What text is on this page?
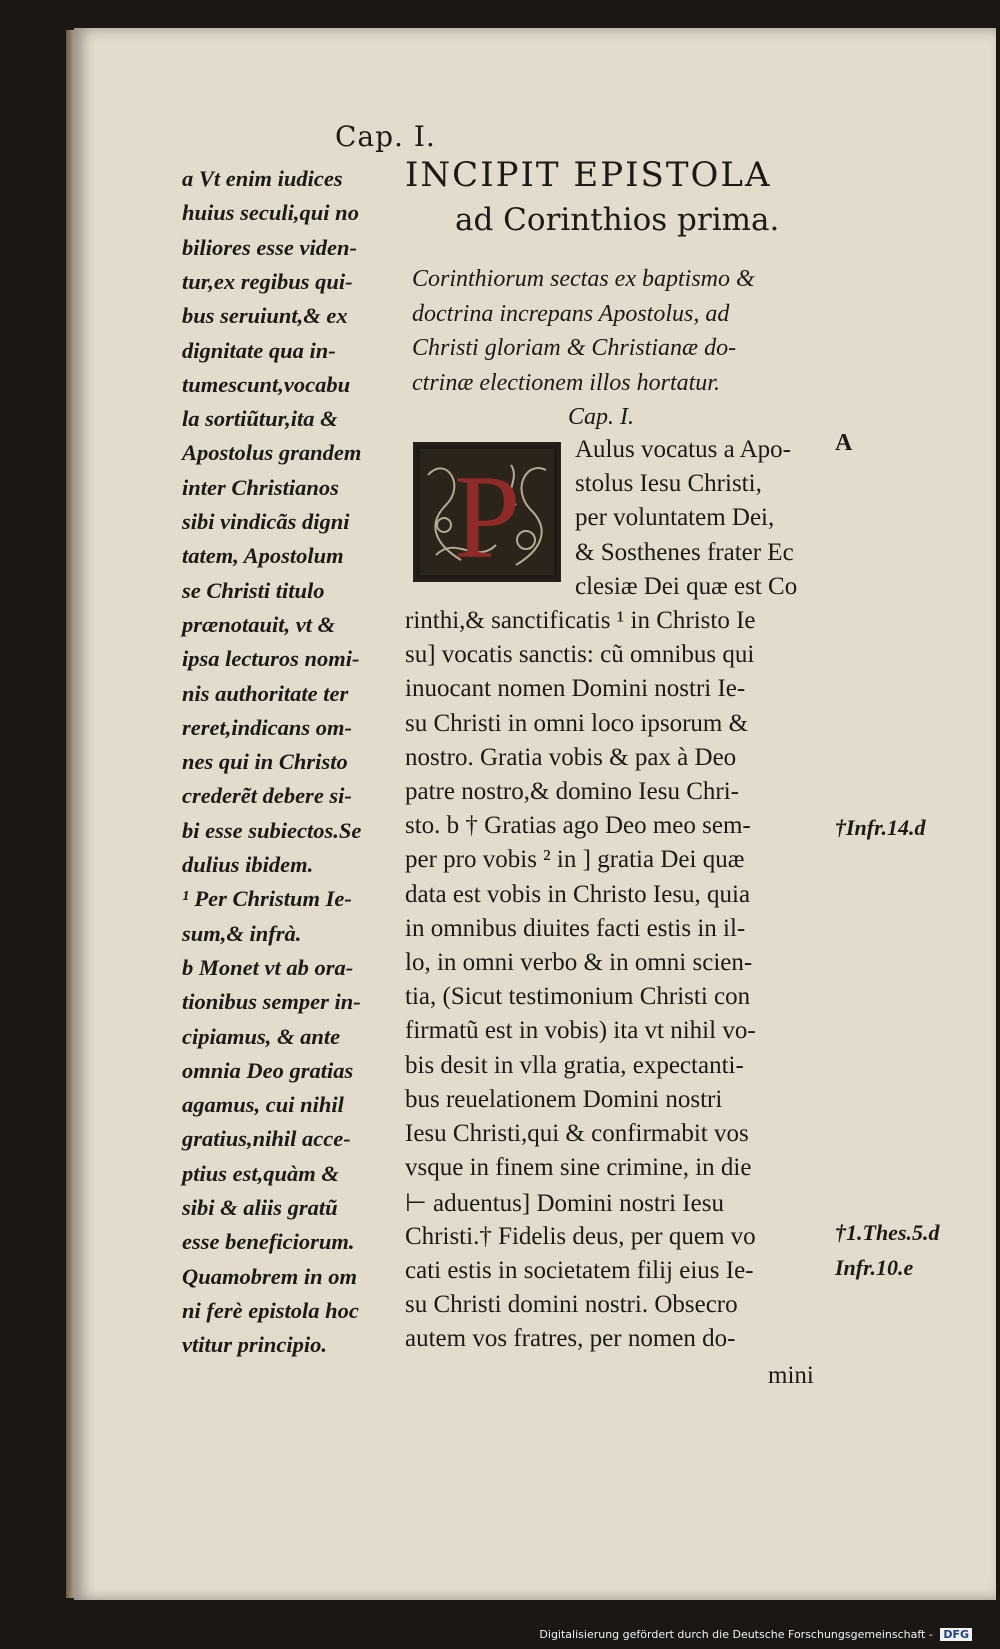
Cap. I.
INCIPIT EPISTOLA
ad Corinthios prima.
Corinthiorum sectas ex baptismo &
doctrina increpans Apostolus, ad
Christi gloriam & Christianæ do-
ctrinæ electionem illos hortatur.
Cap. I.
P
a Vt enim iudices
huius seculi,qui no
biliores esse viden-
tur,ex regibus qui-
bus seruiunt,& ex
dignitate qua in-
tumescunt,vocabu
la sortiũtur,ita &
Apostolus grandem
inter Christianos
sibi vindicãs digni
tatem, Apostolum
se Christi titulo
prænotauit, vt &
ipsa lecturos nomi-
nis authoritate ter
reret,indicans om-
nes qui in Christo
crederẽt debere si-
bi esse subiectos.Se
dulius ibidem.
¹ Per Christum Ie-
sum,& infrà.
b Monet vt ab ora-
tionibus semper in-
cipiamus, & ante
omnia Deo gratias
agamus, cui nihil
gratius,nihil acce-
ptius est,quàm &
sibi & aliis gratũ
esse beneficiorum.
Quamobrem in om
ni ferè epistola hoc
vtitur principio.
Aulus vocatus a Apo-
stolus Iesu Christi,
per voluntatem Dei,
& Sosthenes frater Ec
clesiæ Dei quæ est Co
rinthi,& sanctificatis ¹ in Christo Ie
su] vocatis sanctis: cũ omnibus qui
inuocant nomen Domini nostri Ie-
su Christi in omni loco ipsorum &
nostro. Gratia vobis & pax à Deo
patre nostro,& domino Iesu Chri-
sto. b † Gratias ago Deo meo sem-
per pro vobis ² in ] gratia Dei quæ
data est vobis in Christo Iesu, quia
in omnibus diuites facti estis in il-
lo, in omni verbo & in omni scien-
tia, (Sicut testimonium Christi con
firmatũ est in vobis) ita vt nihil vo-
bis desit in vlla gratia, expectanti-
bus reuelationem Domini nostri
Iesu Christi,qui & confirmabit vos
vsque in finem sine crimine, in die
⊢ aduentus] Domini nostri Iesu
Christi.† Fidelis deus, per quem vo
cati estis in societatem filij eius Ie-
su Christi domini nostri. Obsecro
autem vos fratres, per nomen do-
A
†Infr.14.d
†1.Thes.5.d
Infr.10.e
mini
Digitalisierung gefördert durch die Deutsche Forschungsgemeinschaft - DFG
